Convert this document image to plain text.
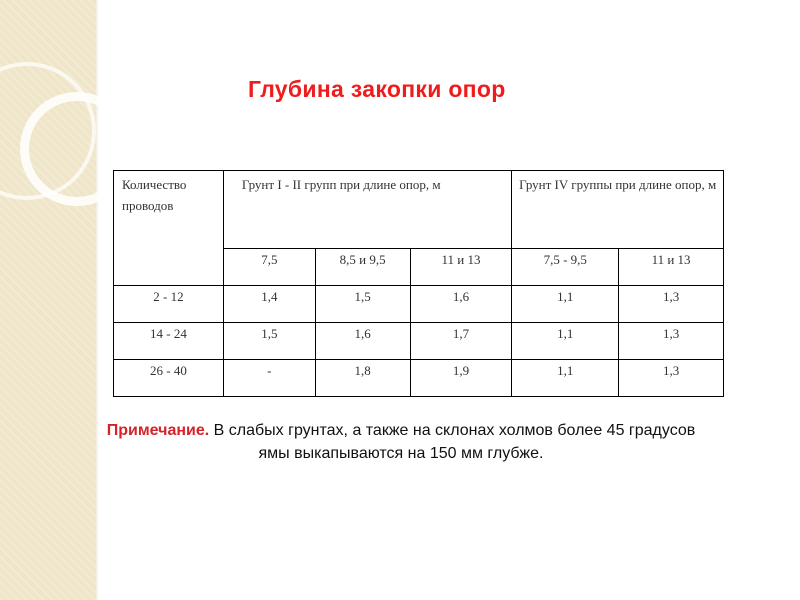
Глубина закопки опор
Количество проводов	Грунт I - II групп при длине опор, м			Грунт IV группы при длине опор, м	
	7,5	8,5 и 9,5	11 и 13	7,5 - 9,5	11 и 13
2 - 12	1,4	1,5	1,6	1,1	1,3
14 - 24	1,5	1,6	1,7	1,1	1,3
26 - 40	-	1,8	1,9	1,1	1,3

Примечание. В слабых грунтах, а также на склонах холмов более 45 градусов ямы выкапываются на 150 мм глубже.
